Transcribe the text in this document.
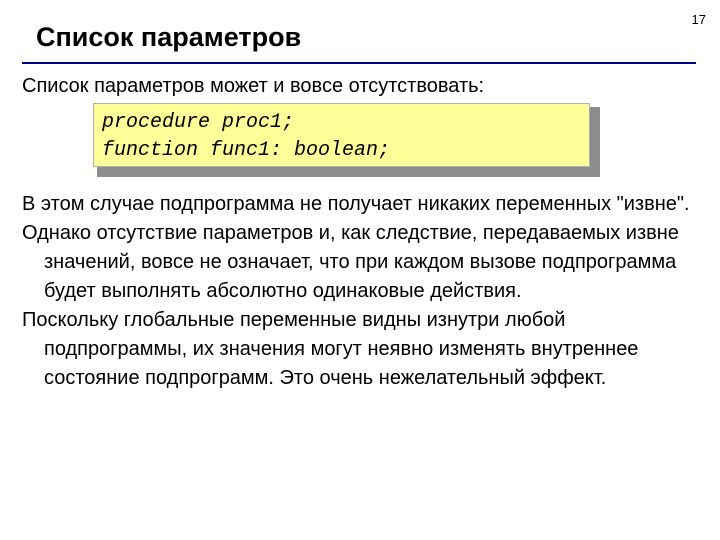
17
Список параметров

Список параметров может и вовсе отсутствовать:

procedure proc1;
function func1: boolean;

В этом случае подпрограмма не получает никаких переменных "извне".

Однако отсутствие параметров и, как следствие, передаваемых извне значений, вовсе не означает, что при каждом вызове подпрограмма будет выполнять абсолютно одинаковые действия.

Поскольку глобальные переменные видны изнутри любой подпрограммы, их значения могут неявно изменять внутреннее состояние подпрограмм. Это очень нежелательный эффект.
